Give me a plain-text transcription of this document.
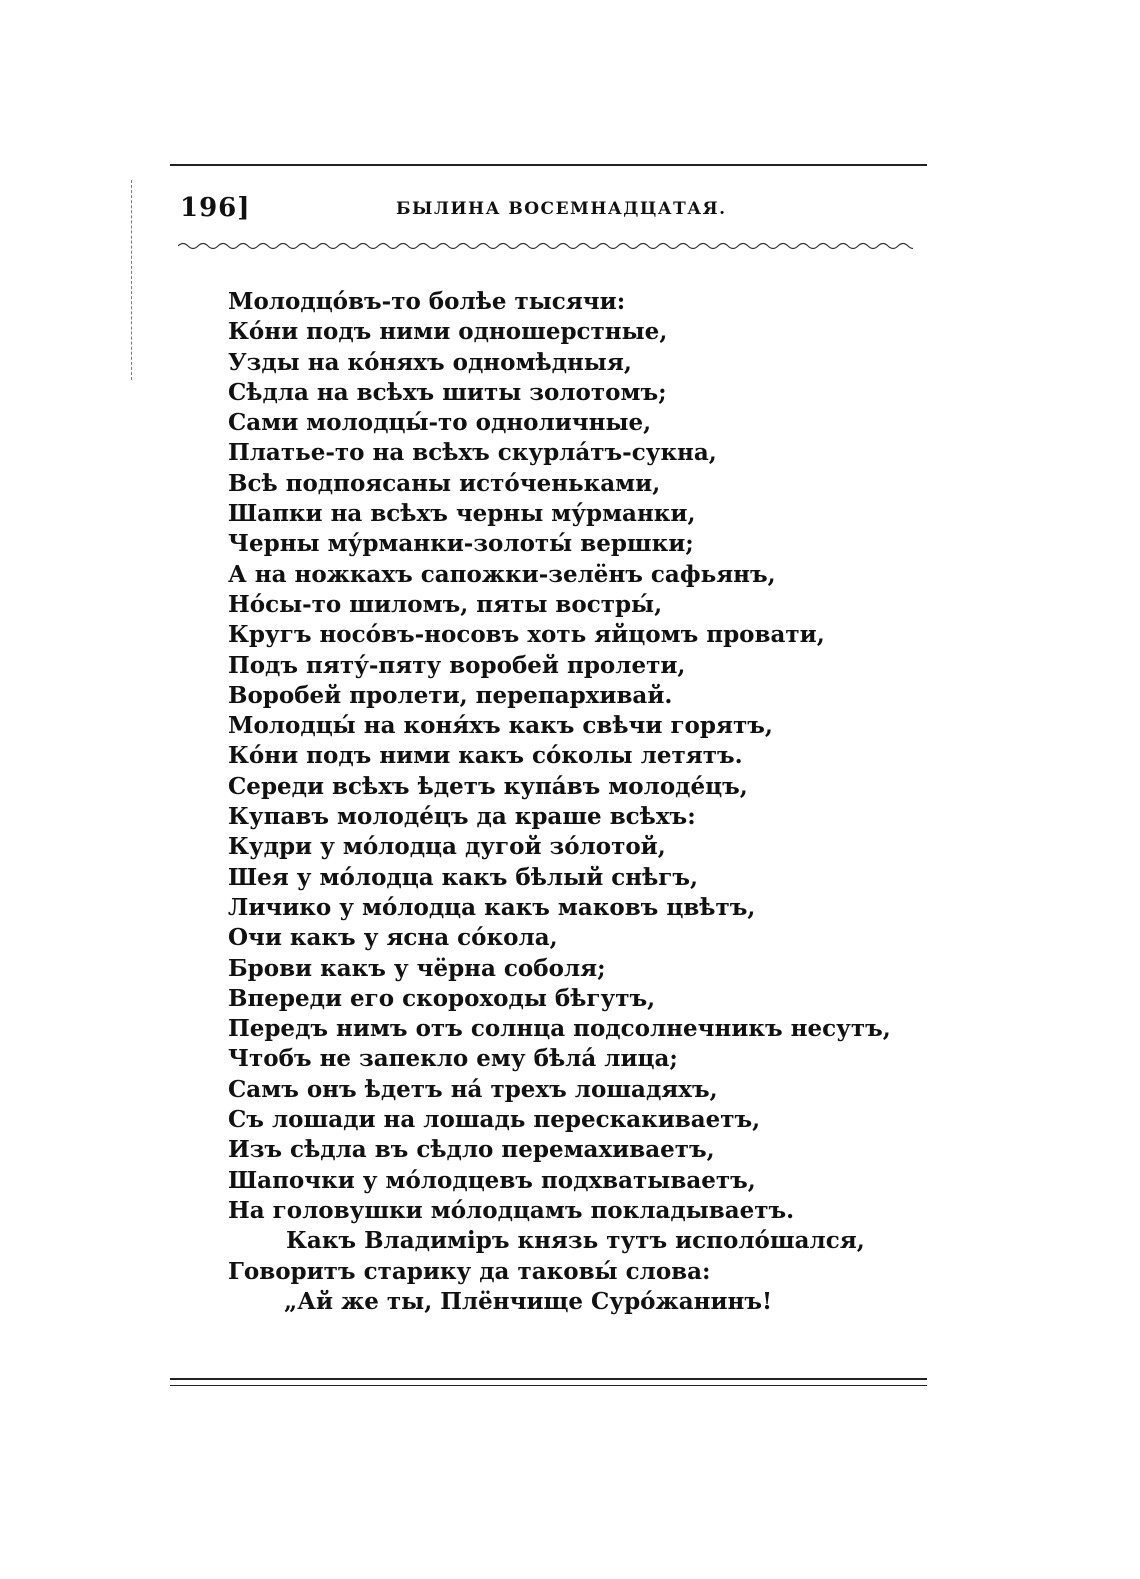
196]	БЫЛИНА ВОСЕМНАДЦАТАЯ.
Молодцо́въ-то болѣе тысячи:
Ко́ни подъ ними одношерстные,
Узды на ко́няхъ одномѣдныя,
Сѣдла на всѣхъ шиты золотомъ;
Сами молодцы́-то одноличные,
Платье-то на всѣхъ скурла́тъ-сукна,
Всѣ подпоясаны исто́ченьками,
Шапки на всѣхъ черны му́рманки,
Черны му́рманки-золоты́ вершки;
А на ножкахъ сапожки-зелёнъ сафьянъ,
Но́сы-то шиломъ, пяты востры́,
Кругъ носо́въ-носовъ хоть яйцомъ провати,
Подъ пяту́-пяту воробей пролети,
Воробей пролети, перепархивай.
Молодцы́ на коня́хъ какъ свѣчи горятъ,
Ко́ни подъ ними какъ со́колы летятъ.
Середи всѣхъ ѣдетъ купа́въ молоде́цъ,
Купавъ молоде́цъ да краше всѣхъ:
Кудри у мо́лодца дугой зо́лотой,
Шея у мо́лодца какъ бѣлый снѣгъ,
Личико у мо́лодца какъ маковъ цвѣтъ,
Очи какъ у ясна со́кола,
Брови какъ у чёрна соболя;
Впереди его скороходы бѣгутъ,
Передъ нимъ отъ солнца подсолнечникъ несутъ,
Чтобъ не запекло ему бѣла́ лица;
Самъ онъ ѣдетъ на́ трехъ лошадяхъ,
Съ лошади на лошадь перескакиваетъ,
Изъ сѣдла въ сѣдло перемахиваетъ,
Шапочки у мо́лодцевъ подхватываетъ,
На головушки мо́лодцамъ покладываетъ.
Какъ Владимiръ князь тутъ исполо́шался,
Говоритъ старику да таковы́ слова:
„Ай же ты, Плёнчище Суро́жанинъ!
